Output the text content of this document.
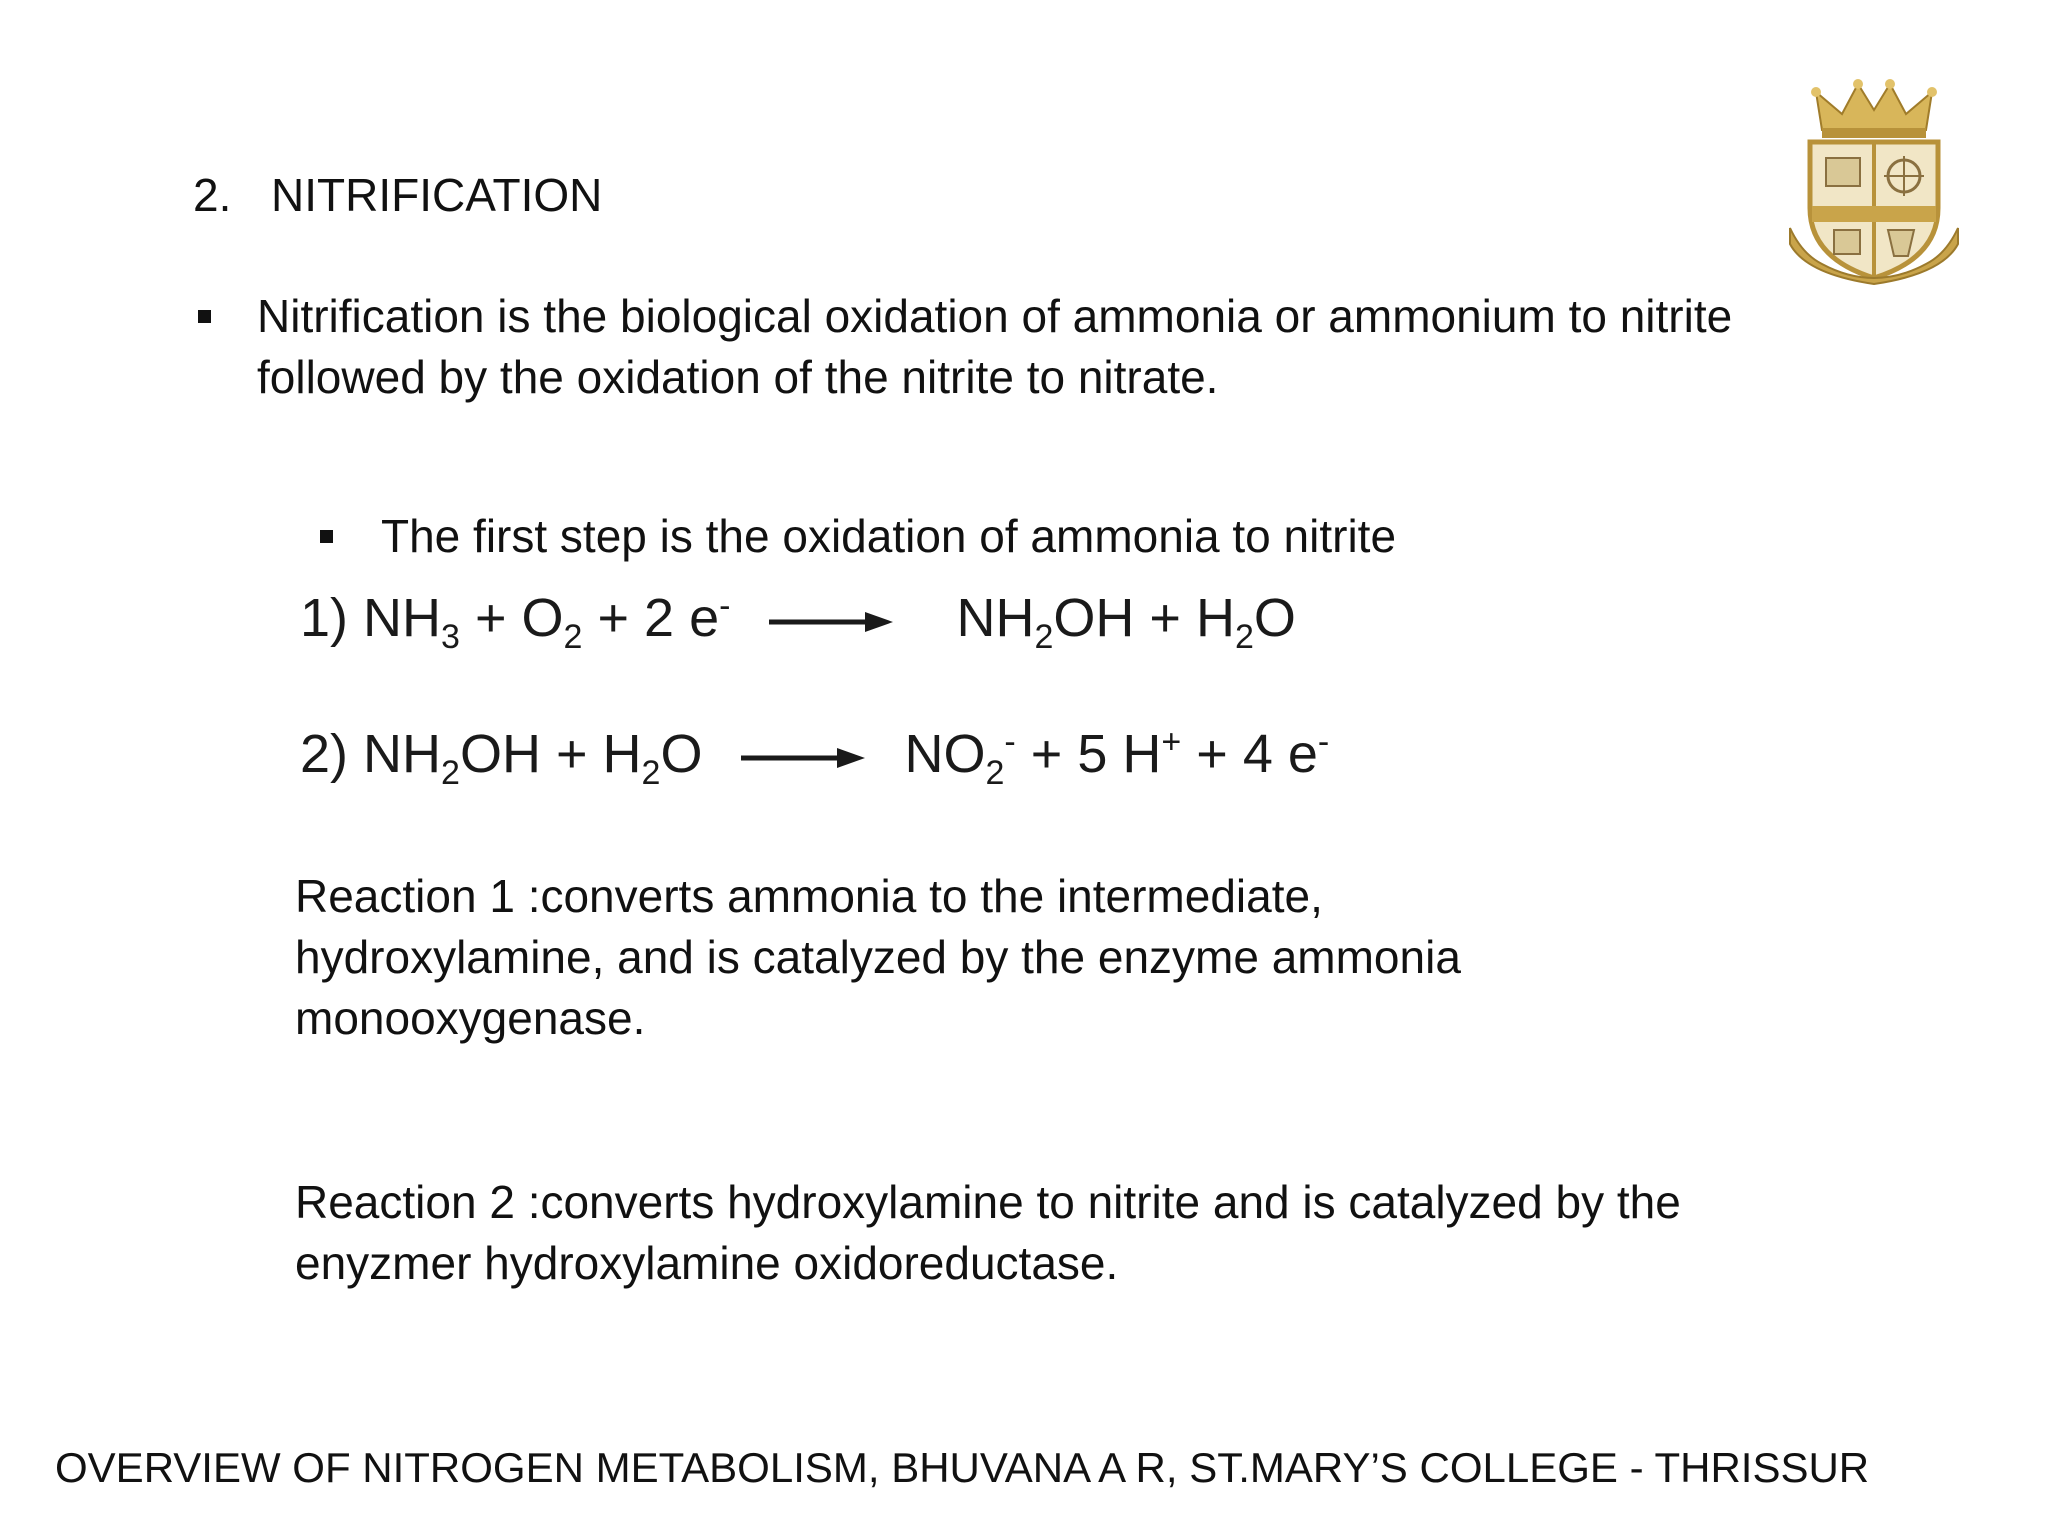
2. NITRIFICATION
Nitrification is the biological oxidation of ammonia or ammonium to nitrite followed by the oxidation of the nitrite to nitrate.
The first step is the oxidation of ammonia to nitrite
1) $NH_3 + O_2 + 2$ $e^- \to NH_2OH + H_2O$
2) $NH_2OH + H_2O \to NO_2^- + 5$ H+ + 4 e-
Reaction 1 :converts ammonia to the intermediate, hydroxylamine, and is catalyzed by the enzyme ammonia monooxygenase.
Reaction 2 :converts hydroxylamine to nitrite and is catalyzed by the enyzmer hydroxylamine oxidoreductase.
OVERVIEW OF NITROGEN METABOLISM, BHUVANA A R, ST.MARY’S COLLEGE - THRISSUR
